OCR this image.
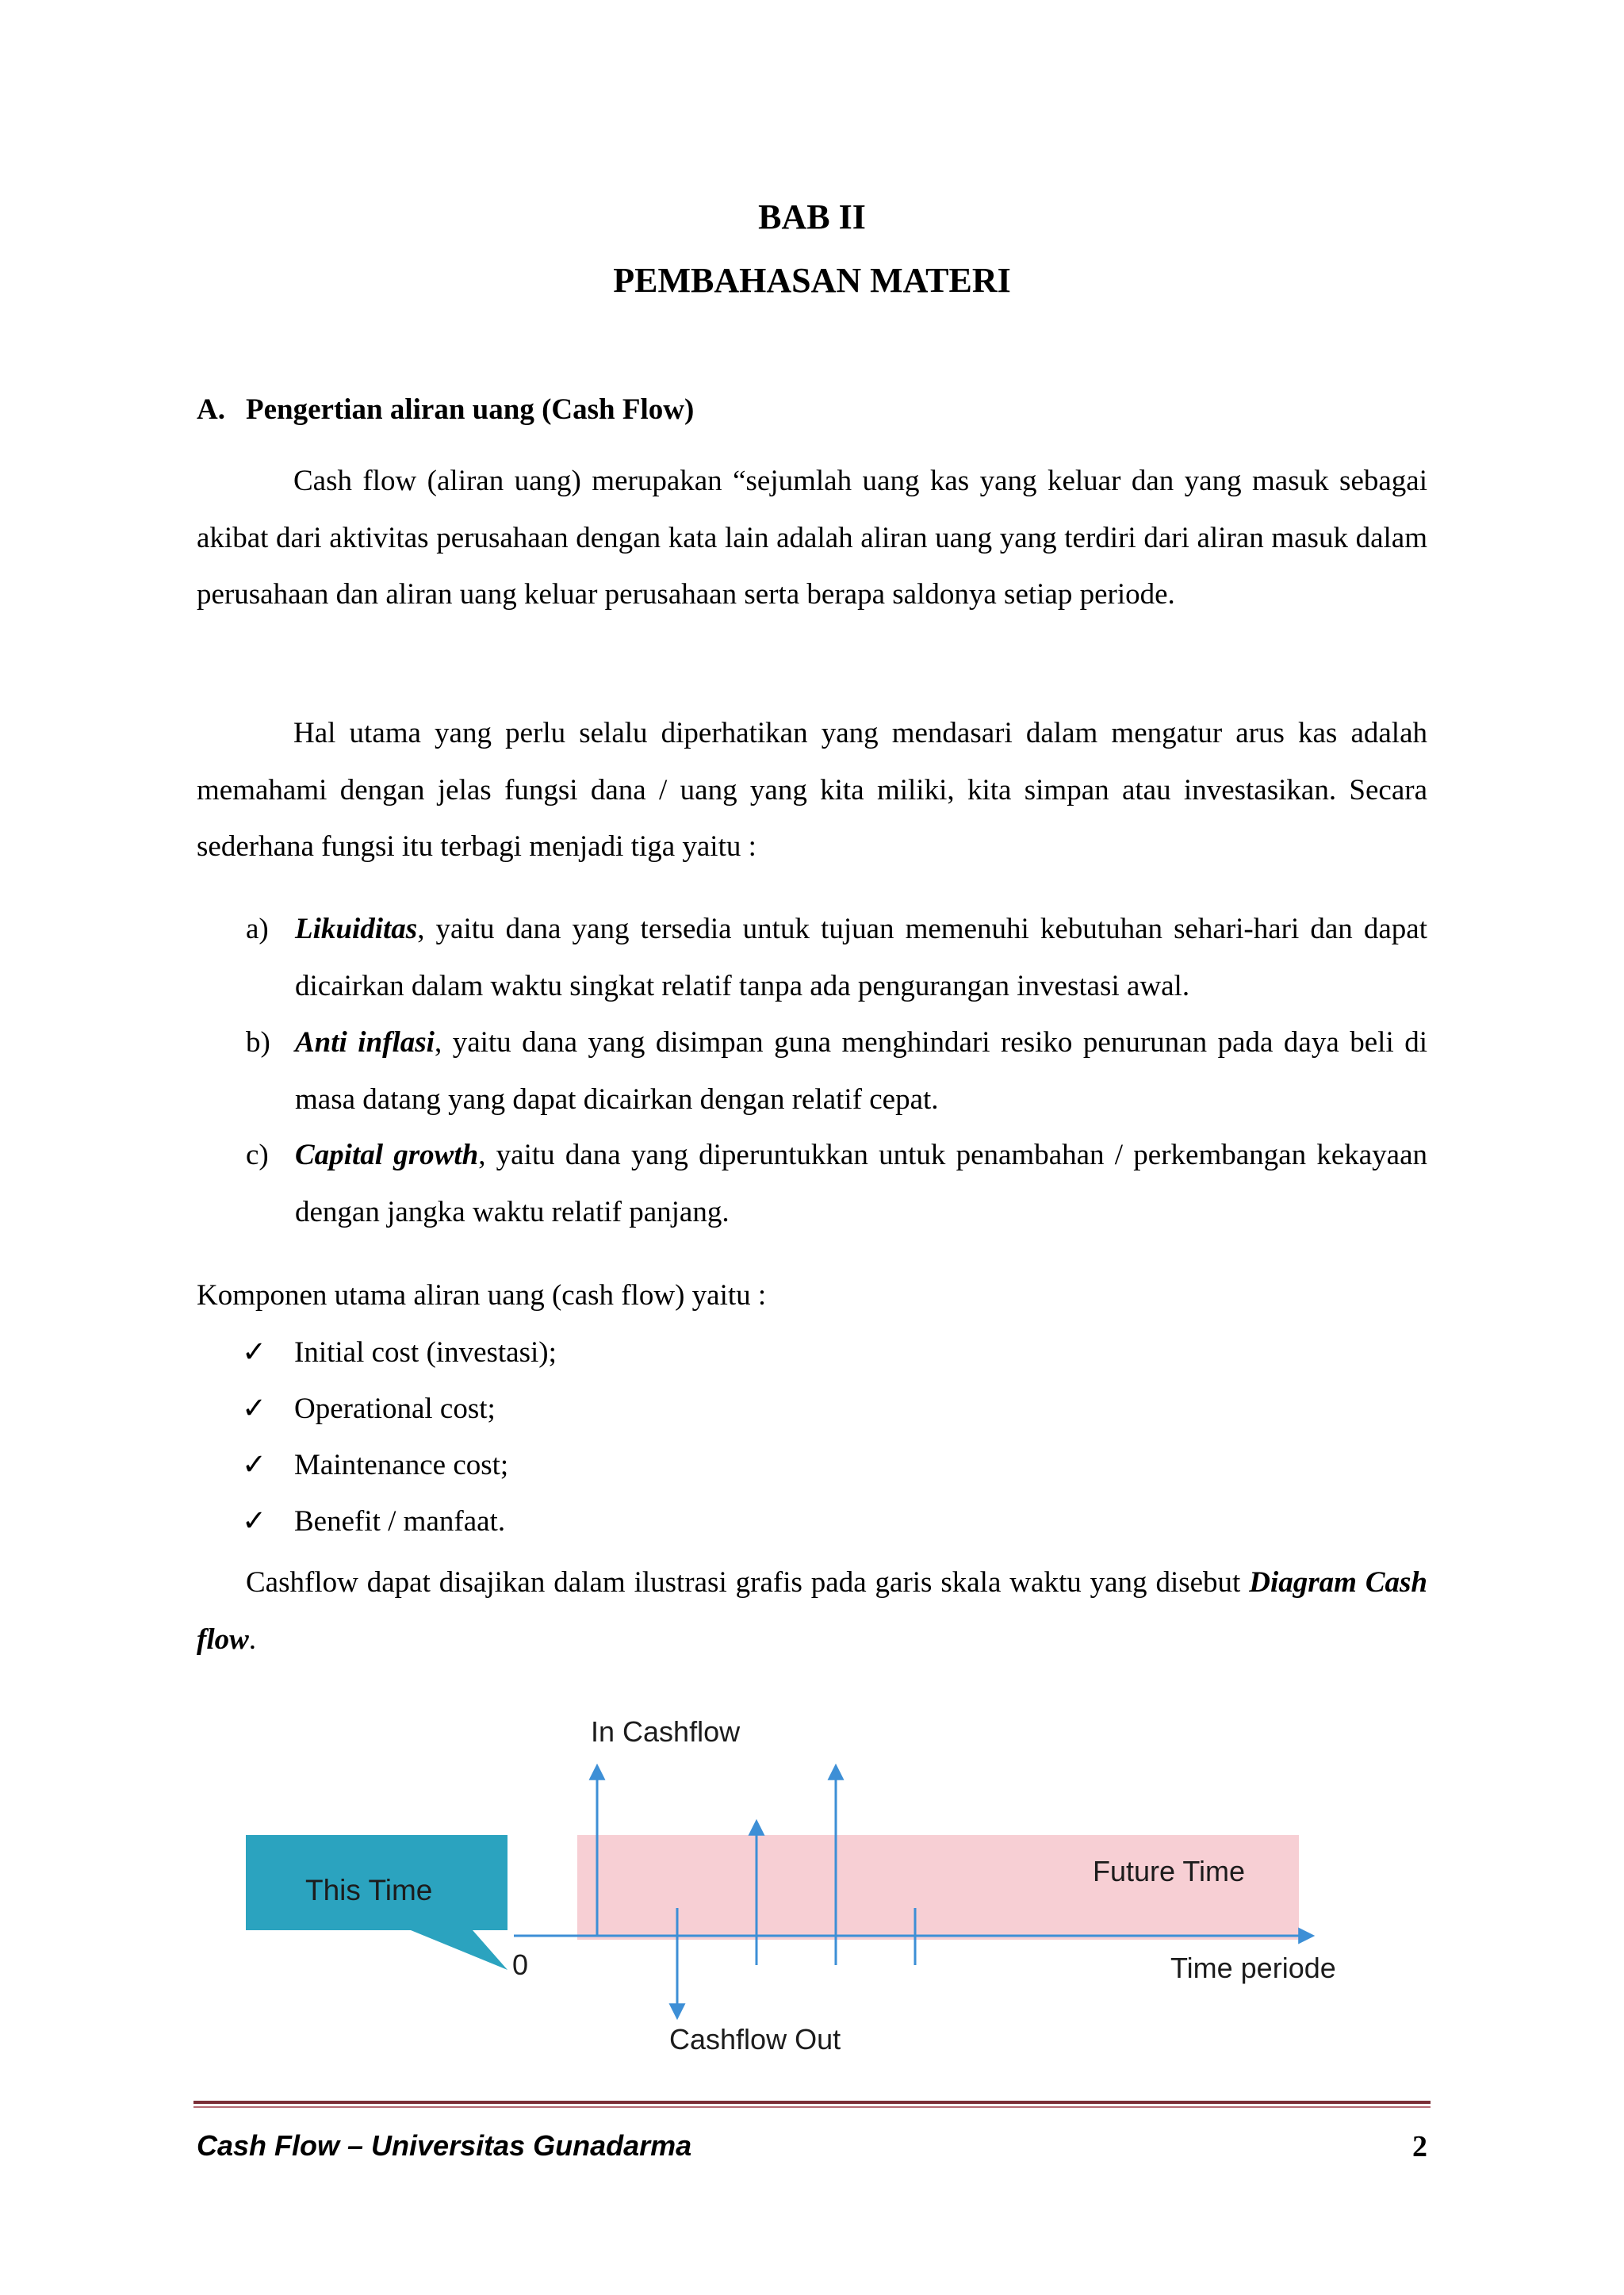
BAB II
PEMBAHASAN MATERI
A. Pengertian aliran uang (Cash Flow)

Cash flow (aliran uang) merupakan “sejumlah uang kas yang keluar dan yang masuk sebagai akibat dari aktivitas perusahaan dengan kata lain adalah aliran uang yang terdiri dari aliran masuk dalam perusahaan dan aliran uang keluar perusahaan serta berapa saldonya setiap periode.

Hal utama yang perlu selalu diperhatikan yang mendasari dalam mengatur arus kas adalah memahami dengan jelas fungsi dana / uang yang kita miliki, kita simpan atau investasikan. Secara sederhana fungsi itu terbagi menjadi tiga yaitu :

a) Likuiditas, yaitu dana yang tersedia untuk tujuan memenuhi kebutuhan sehari-hari dan dapat dicairkan dalam waktu singkat relatif tanpa ada pengurangan investasi awal.
b) Anti inflasi, yaitu dana yang disimpan guna menghindari resiko penurunan pada daya beli di masa datang yang dapat dicairkan dengan relatif cepat.
c) Capital growth, yaitu dana yang diperuntukkan untuk penambahan / perkembangan kekayaan dengan jangka waktu relatif panjang.
Komponen utama aliran uang (cash flow) yaitu :
✓ Initial cost (investasi);
✓ Operational cost;
✓ Maintenance cost;
✓ Benefit / manfaat.

Cashflow dapat disajikan dalam ilustrasi grafis pada garis skala waktu yang disebut Diagram Cash flow.

In Cashflow
This Time
Future Time
0	Time periode
Cashflow Out
Cash Flow – Universitas Gunadarma	2
